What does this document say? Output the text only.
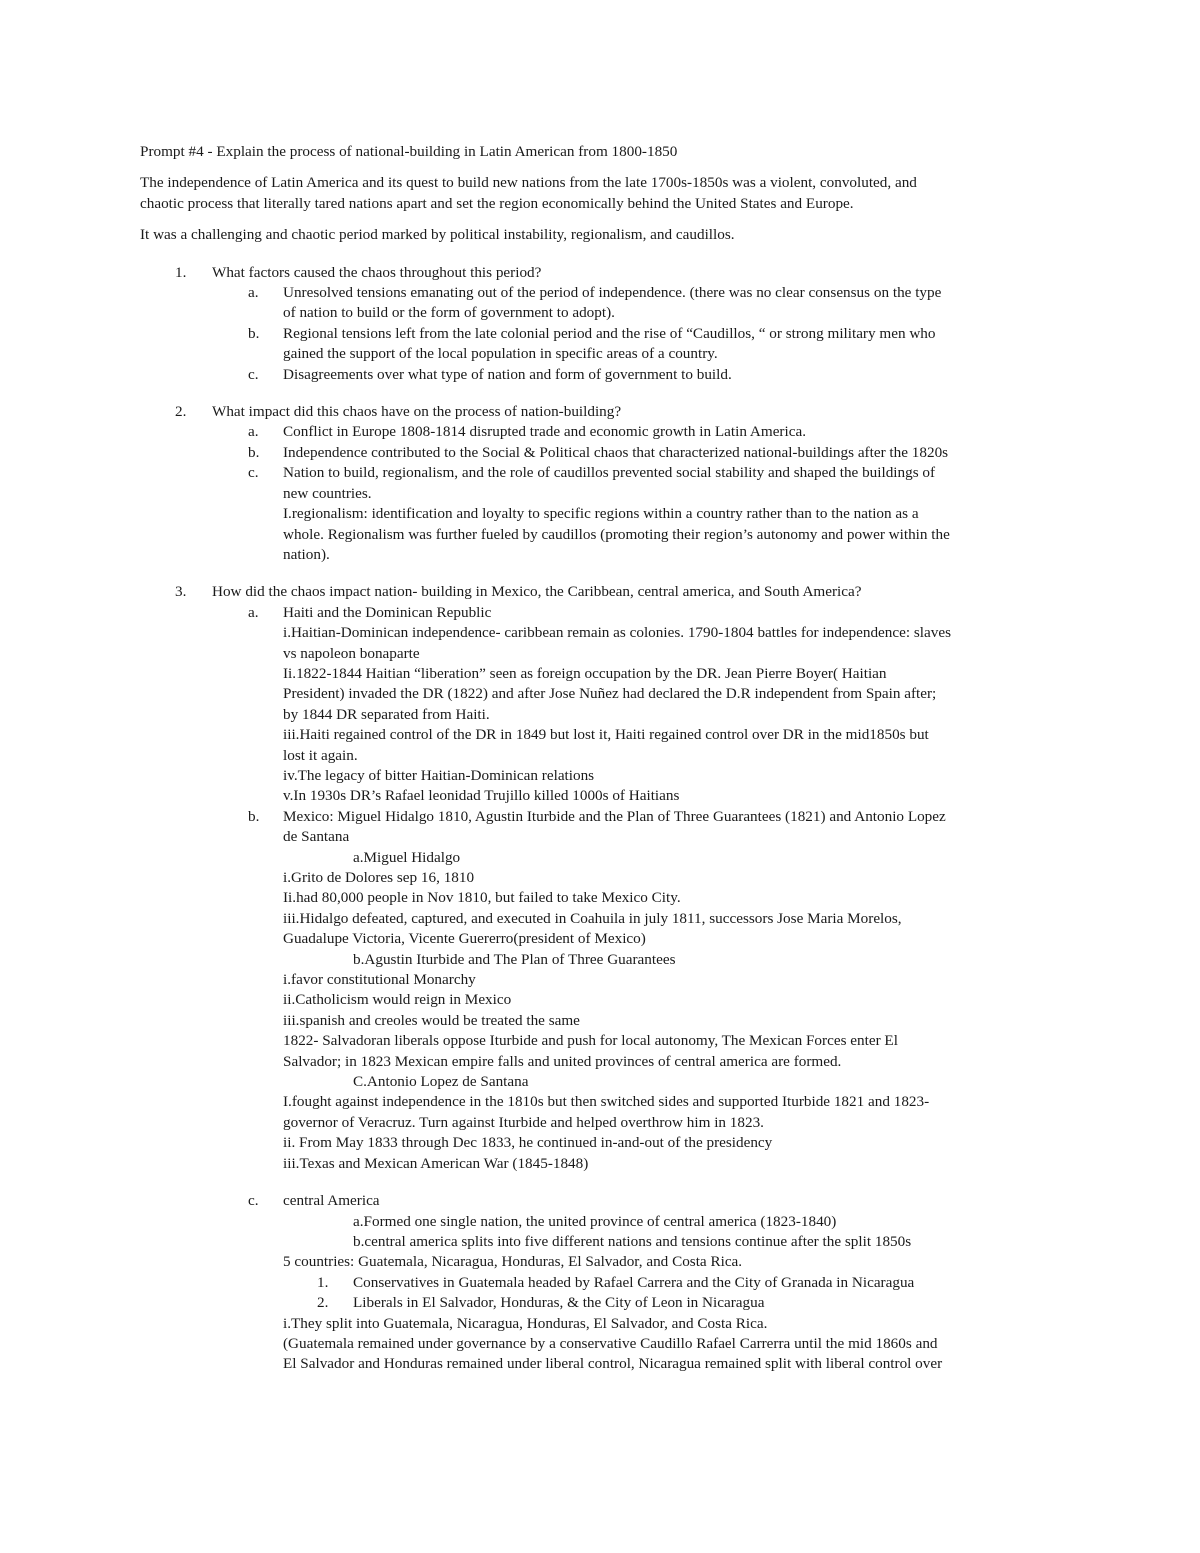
Prompt #4 - Explain the process of national-building in Latin American from 1800-1850
The independence of Latin America and its quest to build new nations from the late 1700s-1850s was a violent, convoluted, and
chaotic process that literally tared nations apart and set the region economically behind the United States and Europe.
It was a challenging and chaotic period marked by political instability, regionalism, and caudillos.
1. What factors caused the chaos throughout this period?
a. Unresolved tensions emanating out of the period of independence. (there was no clear consensus on the type
of nation to build or the form of government to adopt).
b. Regional tensions left from the late colonial period and the rise of “Caudillos, “ or strong military men who
gained the support of the local population in specific areas of a country.
c. Disagreements over what type of nation and form of government to build.
2. What impact did this chaos have on the process of nation-building?
a. Conflict in Europe 1808-1814 disrupted trade and economic growth in Latin America.
b. Independence contributed to the Social & Political chaos that characterized national-buildings after the 1820s
c. Nation to build, regionalism, and the role of caudillos prevented social stability and shaped the buildings of
new countries.
I.regionalism: identification and loyalty to specific regions within a country rather than to the nation as a
whole. Regionalism was further fueled by caudillos (promoting their region’s autonomy and power within the
nation).
3. How did the chaos impact nation- building in Mexico, the Caribbean, central america, and South America?
a. Haiti and the Dominican Republic
i.Haitian-Dominican independence- caribbean remain as colonies. 1790-1804 battles for independence: slaves
vs napoleon bonaparte
Ii.1822-1844 Haitian “liberation” seen as foreign occupation by the DR. Jean Pierre Boyer( Haitian
President) invaded the DR (1822) and after Jose Nuñez had declared the D.R independent from Spain after;
by 1844 DR separated from Haiti.
iii.Haiti regained control of the DR in 1849 but lost it, Haiti regained control over DR in the mid1850s but
lost it again.
iv.The legacy of bitter Haitian-Dominican relations
v.In 1930s DR’s Rafael leonidad Trujillo killed 1000s of Haitians
b. Mexico: Miguel Hidalgo 1810, Agustin Iturbide and the Plan of Three Guarantees (1821) and Antonio Lopez
de Santana
a.Miguel Hidalgo
i.Grito de Dolores sep 16, 1810
Ii.had 80,000 people in Nov 1810, but failed to take Mexico City.
iii.Hidalgo defeated, captured, and executed in Coahuila in july 1811, successors Jose Maria Morelos,
Guadalupe Victoria, Vicente Guererro(president of Mexico)
b.Agustin Iturbide and The Plan of Three Guarantees
i.favor constitutional Monarchy
ii.Catholicism would reign in Mexico
iii.spanish and creoles would be treated the same
1822- Salvadoran liberals oppose Iturbide and push for local autonomy, The Mexican Forces enter El
Salvador; in 1823 Mexican empire falls and united provinces of central america are formed.
C.Antonio Lopez de Santana
I.fought against independence in the 1810s but then switched sides and supported Iturbide 1821 and 1823-
governor of Veracruz. Turn against Iturbide and helped overthrow him in 1823.
ii. From May 1833 through Dec 1833, he continued in-and-out of the presidency
iii.Texas and Mexican American War (1845-1848)
c. central America
a.Formed one single nation, the united province of central america (1823-1840)
b.central america splits into five different nations and tensions continue after the split 1850s
5 countries: Guatemala, Nicaragua, Honduras, El Salvador, and Costa Rica.
1. Conservatives in Guatemala headed by Rafael Carrera and the City of Granada in Nicaragua
2. Liberals in El Salvador, Honduras, & the City of Leon in Nicaragua
i.They split into Guatemala, Nicaragua, Honduras, El Salvador, and Costa Rica.
(Guatemala remained under governance by a conservative Caudillo Rafael Carrerra until the mid 1860s and
El Salvador and Honduras remained under liberal control, Nicaragua remained split with liberal control over
